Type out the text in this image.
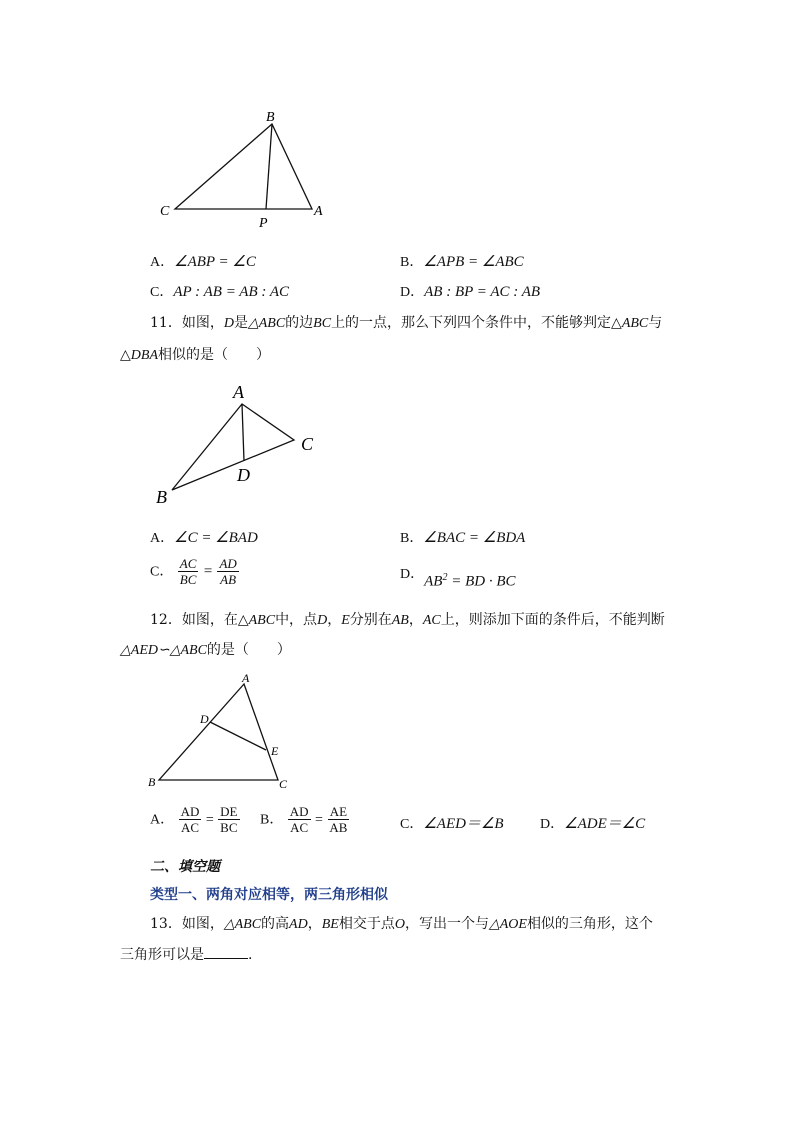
B
C
P
A
A．∠ABP = ∠C	B．∠APB = ∠ABC
C．AP : AB = AB : AC	D．AB : BP = AC : AB
11．如图，D是△ABC的边BC上的一点，那么下列四个条件中，不能够判定△ABC与
△DBA相似的是（　　）
A
C
D
B
A．∠C = ∠BAD	B．∠BAC = ∠BDA
C． $\frac{AC}{BC} = \frac{AD}{AB}$	D．$AB^2$ = BD · BC
12．如图，在△ABC中，点D，E分别在AB，AC上，则添加下面的条件后，不能判断
△AED∽△ABC的是（　　）
A
D
E
B	C
A． $\frac{AD}{AC} = \frac{DE}{BC}$ B． $\frac{AD}{AC} = \frac{AE}{AB}$	C．∠AED＝∠B	D．∠ADE＝∠C
二、填空题
类型一、两角对应相等，两三角形相似
13．如图，△ABC的高AD，BE相交于点O，写出一个与△AOE相似的三角形，这个
三角形可以是	.
